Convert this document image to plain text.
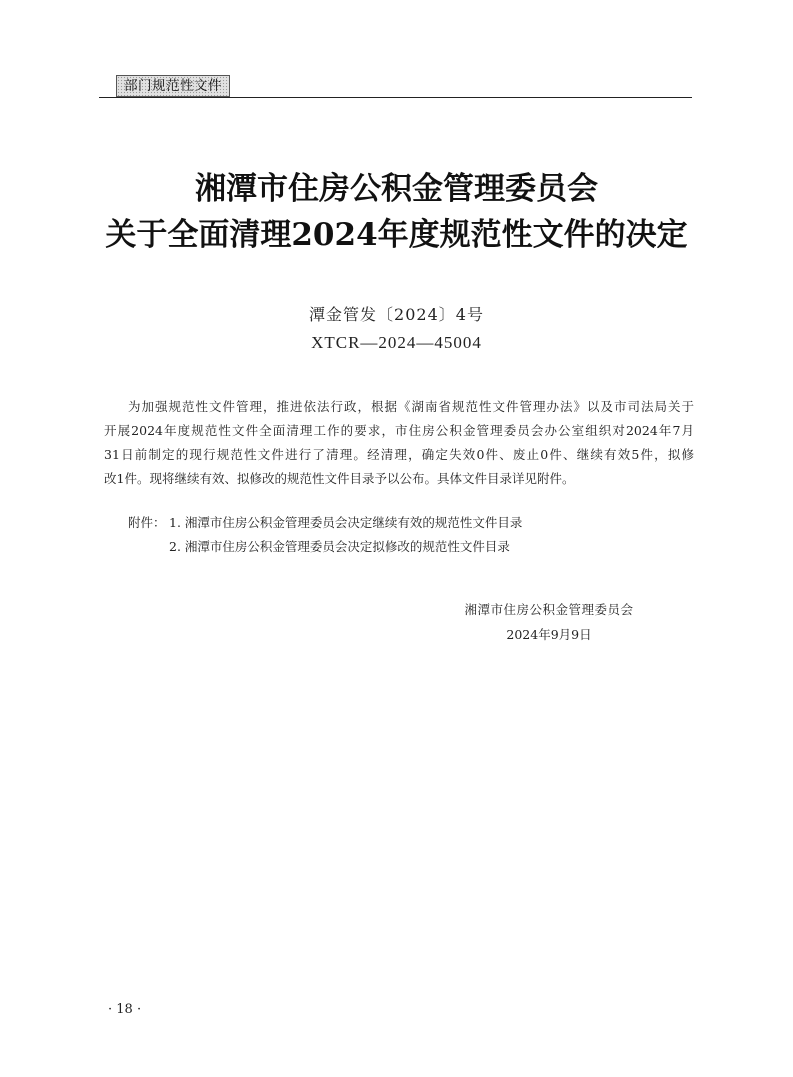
部门规范性文件
湘潭市住房公积金管理委员会
关于全面清理2024年度规范性文件的决定
潭金管发〔2024〕4号
XTCR—2024—45004
为加强规范性文件管理，推进依法行政，根据《湖南省规范性文件管理办法》以及市司法局关于
开展2024年度规范性文件全面清理工作的要求，市住房公积金管理委员会办公室组织对2024年7月
31日前制定的现行规范性文件进行了清理。经清理，确定失效0件、废止0件、继续有效5件，拟修
改1件。现将继续有效、拟修改的规范性文件目录予以公布。具体文件目录详见附件。
附件： 1. 湘潭市住房公积金管理委员会决定继续有效的规范性文件目录
2. 湘潭市住房公积金管理委员会决定拟修改的规范性文件目录
湘潭市住房公积金管理委员会
2024年9月9日
· 18 ·
